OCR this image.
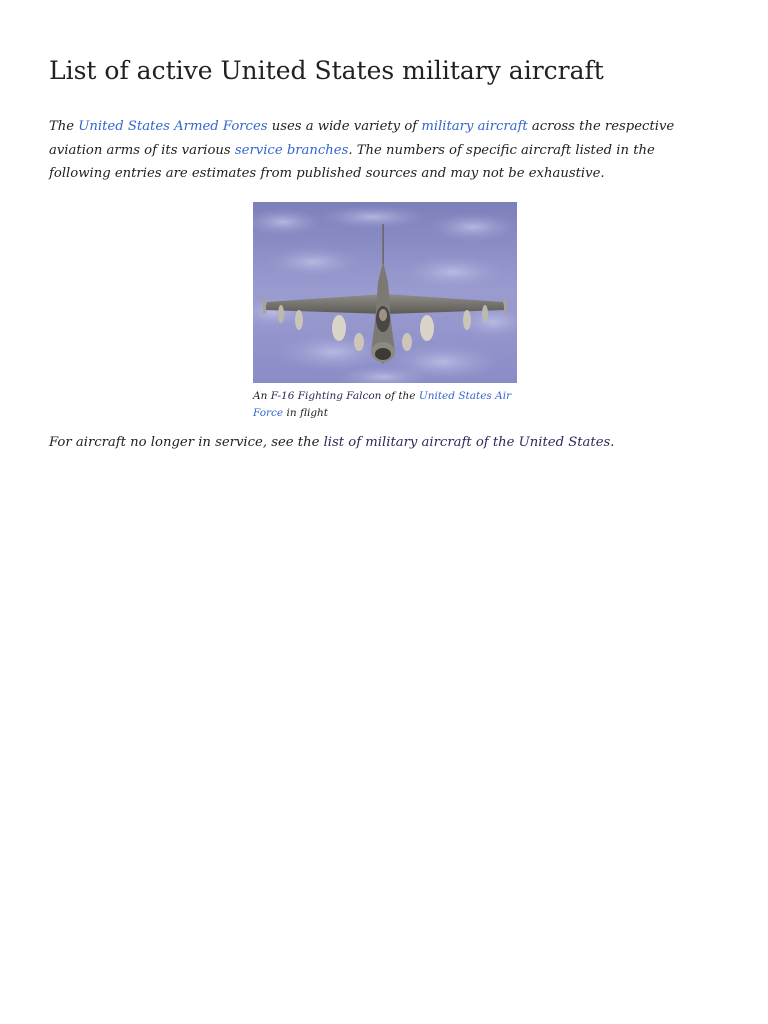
List of active United States military aircraft

The United States Armed Forces uses a wide variety of military aircraft across the respective aviation arms of its various service branches. The numbers of specific aircraft listed in the following entries are estimates from published sources and may not be exhaustive.

An F-16 Fighting Falcon of the United States Air Force in flight

For aircraft no longer in service, see the list of military aircraft of the United States.
